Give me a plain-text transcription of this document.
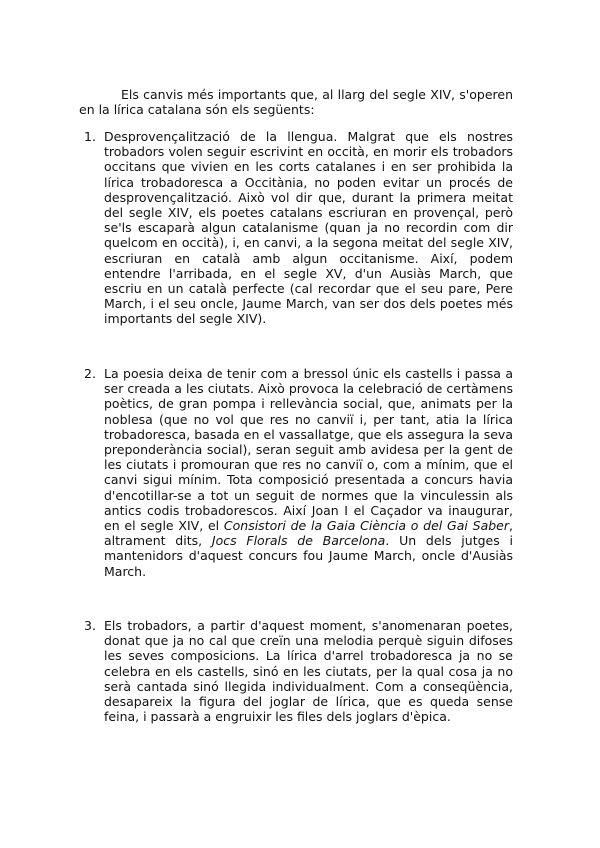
Els canvis més importants que, al llarg del segle XIV, s'operen en la lírica catalana són els següents:

1. Desprovençalització de la llengua. Malgrat que els nostres trobadors volen seguir escrivint en occità, en morir els trobadors occitans que vivien en les corts catalanes i en ser prohibida la lírica trobadoresca a Occitània, no poden evitar un procés de desprovençalització. Això vol dir que, durant la primera meitat del segle XIV, els poetes catalans escriuran en provençal, però se'ls escaparà algun catalanisme (quan ja no recordin com dir quelcom en occità), i, en canvi, a la segona meitat del segle XIV, escriuran en català amb algun occitanisme. Així, podem entendre l'arribada, en el segle XV, d'un Ausiàs March, que escriu en un català perfecte (cal recordar que el seu pare, Pere March, i el seu oncle, Jaume March, van ser dos dels poetes més importants del segle XIV).

2. La poesia deixa de tenir com a bressol únic els castells i passa a ser creada a les ciutats. Això provoca la celebració de certàmens poètics, de gran pompa i rellevància social, que, animats per la noblesa (que no vol que res no canviï i, per tant, atia la lírica trobadoresca, basada en el vassallatge, que els assegura la seva preponderància social), seran seguit amb avidesa per la gent de les ciutats i promouran que res no canviï o, com a mínim, que el canvi sigui mínim. Tota composició presentada a concurs havia d'encotillar-se a tot un seguit de normes que la vinculessin als antics codis trobadorescos. Així Joan I el Caçador va inaugurar, en el segle XIV, el Consistori de la Gaia Ciència o del Gai Saber, altrament dits, Jocs Florals de Barcelona. Un dels jutges i mantenidors d'aquest concurs fou Jaume March, oncle d'Ausiàs March.

3. Els trobadors, a partir d'aquest moment, s'anomenaran poetes, donat que ja no cal que creïn una melodia perquè siguin difoses les seves composicions. La lírica d'arrel trobadoresca ja no se celebra en els castells, sinó en les ciutats, per la qual cosa ja no serà cantada sinó llegida individualment. Com a conseqüència, desapareix la figura del joglar de lírica, que es queda sense feina, i passarà a engruixir les files dels joglars d'èpica.
